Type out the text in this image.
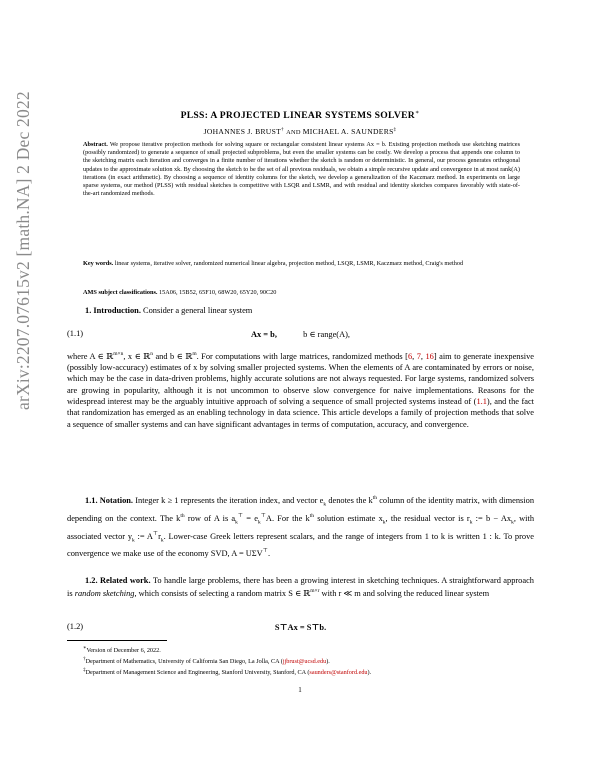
arXiv:2207.07615v2 [math.NA] 2 Dec 2022	PLSS: A PROJECTED LINEAR SYSTEMS SOLVER∗
JOHANNES J. BRUST† AND MICHAEL A. SAUNDERS‡
Abstract. We propose iterative projection methods for solving square or rectangular consistent linear systems Ax = b. Existing projection methods use sketching matrices (possibly randomized) to generate a sequence of small projected subproblems, but even the smaller systems can be costly. We develop a process that appends one column to the sketching matrix each iteration and converges in a finite number of iterations whether the sketch is random or deterministic. In general, our process generates orthogonal updates to the approximate solution xk. By choosing the sketch to be the set of all previous residuals, we obtain a simple recursive update and convergence in at most rank(A) iterations (in exact arithmetic). By choosing a sequence of identity columns for the sketch, we develop a generalization of the Kaczmarz method. In experiments on large sparse systems, our method (PLSS) with residual sketches is competitive with LSQR and LSMR, and with residual and identity sketches compares favorably with state-of-the-art randomized methods.
Key words. linear systems, iterative solver, randomized numerical linear algebra, projection method, LSQR, LSMR, Kaczmarz method, Craig's method
AMS subject classifications. 15A06, 15B52, 65F10, 68W20, 65Y20, 90C20
1. Introduction. Consider a general linear system
(1.1)	Ax = b,	b ∈ range(A),
where A ∈ ℝ$^{m\times n}$, x ∈ ℝ$^n$ and b ∈ ℝ$^m$. For computations with large matrices, randomized methods [6, 7, 16] aim to generate inexpensive (possibly low-accuracy) estimates of x by solving smaller projected systems. When the elements of A are contaminated by errors or noise, which may be the case in data-driven problems, highly accurate solutions are not always requested. For large systems, randomized solvers are growing in popularity, although it is not uncommon to observe slow convergence for naive implementations. Reasons for the widespread interest may be the arguably intuitive approach of solving a sequence of small projected systems instead of (1.1), and the fact that randomization has emerged as an enabling technology in data science. This article develops a family of projection methods that solve a sequence of smaller systems and can have significant advantages in terms of computation, accuracy, and convergence.
1.1. Notation. Integer k ≥ 1 represents the iteration index, and vector $e_k$ denotes the $k^{th}$ column of the identity matrix, with dimension depending on the context. The $k^{th}$ row of A is $a_k^⊤ = e_k^⊤A$. For the $k^{th}$ solution estimate $x_k$, the residual vector is $r_k$ := $b - Ax_k$, with associated vector $y_k$ := $A^⊤r_k$. Lower-case Greek letters represent scalars, and the range of integers from 1 to k is written 1 : k. To prove convergence we make use of the economy SVD, A = UΣV⊤.
1.2. Related work. To handle large problems, there has been a growing interest in sketching techniques. A straightforward approach is random sketching, which consists of selecting a random matrix S ∈ ℝ$^{m\times r}$ with r ≪ m and solving the reduced linear system
(1.2)	S⊤Ax = S⊤b.
∗Version of December 6, 2022.
†Department of Mathematics, University of California San Diego, La Jolla, CA (jjbrust@ucsd.edu).
‡Department of Management Science and Engineering, Stanford University, Stanford, CA (saunders@stanford.edu).
1
